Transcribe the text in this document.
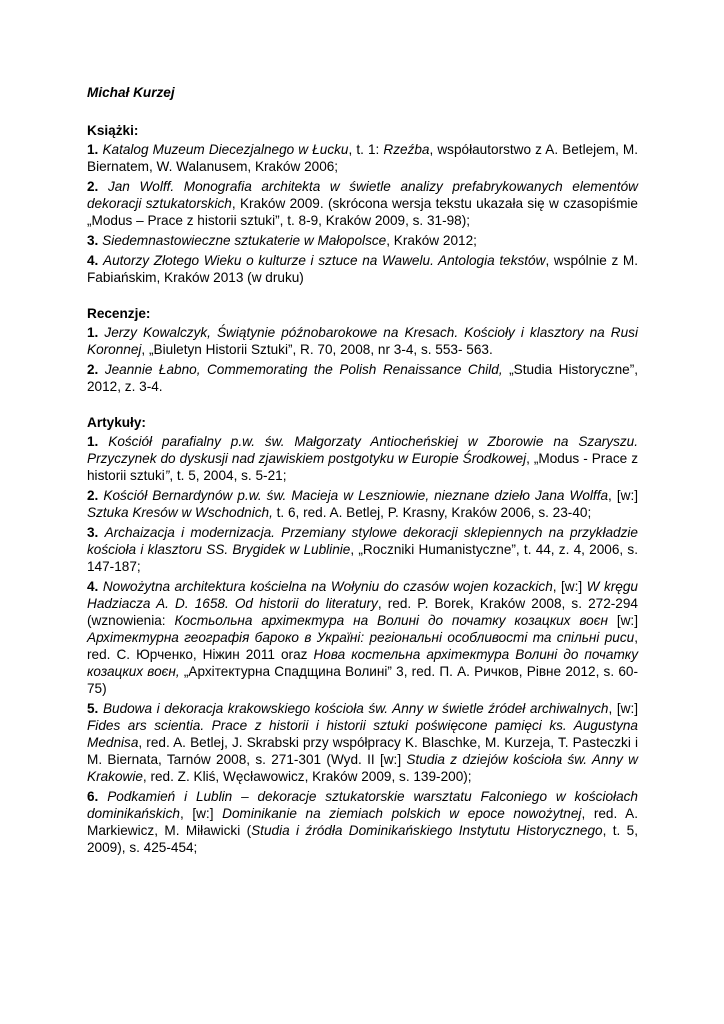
Michał Kurzej

Książki:

1. Katalog Muzeum Diecezjalnego w Łucku, t. 1: Rzeźba, współautorstwo z A. Betlejem, M. Biernatem, W. Walanusem, Kraków 2006;

2. Jan Wolff. Monografia architekta w świetle analizy prefabrykowanych elementów dekoracji sztukatorskich, Kraków 2009. (skrócona wersja tekstu ukazała się w czasopiśmie „Modus – Prace z historii sztuki”, t. 8-9, Kraków 2009, s. 31-98);

3. Siedemnastowieczne sztukaterie w Małopolsce, Kraków 2012;

4. Autorzy Złotego Wieku o kulturze i sztuce na Wawelu. Antologia tekstów, wspólnie z M. Fabiańskim, Kraków 2013 (w druku)

Recenzje:

1. Jerzy Kowalczyk, Świątynie późnobarokowe na Kresach. Kościoły i klasztory na Rusi Koronnej, „Biuletyn Historii Sztuki”, R. 70, 2008, nr 3-4, s. 553- 563.

2. Jeannie Łabno, Commemorating the Polish Renaissance Child, „Studia Historyczne”, 2012, z. 3-4.

Artykuły:

1. Kościół parafialny p.w. św. Małgorzaty Antiocheńskiej w Zborowie na Szaryszu. Przyczynek do dyskusji nad zjawiskiem postgotyku w Europie Środkowej, „Modus - Prace z historii sztuki”, t. 5, 2004, s. 5-21;

2. Kościół Bernardynów p.w. św. Macieja w Leszniowie, nieznane dzieło Jana Wolffa, [w:] Sztuka Kresów w Wschodnich, t. 6, red. A. Betlej, P. Krasny, Kraków 2006, s. 23-40;

3. Archaizacja i modernizacja. Przemiany stylowe dekoracji sklepiennych na przykładzie kościoła i klasztoru SS. Brygidek w Lublinie, „Roczniki Humanistyczne”, t. 44, z. 4, 2006, s. 147-187;

4. Nowożytna architektura kościelna na Wołyniu do czasów wojen kozackich, [w:] W kręgu Hadziacza A. D. 1658. Od historii do literatury, red. P. Borek, Kraków 2008, s. 272-294 (wznowienia: Костьольна архітектура на Волині до початку козацких воєн [w:] Архітектурна географія бароко в Україні: регіональні особливості та спільні риси, red. С. Юрченко, Ніжин 2011 oraz Нова костельна архітектура Волині до початку козацких воєн, „Архітектурна Спадщина Волині” 3, red. П. А. Ричков, Рівне 2012, s. 60-75)

5. Budowa i dekoracja krakowskiego kościoła św. Anny w świetle źródeł archiwalnych, [w:] Fides ars scientia. Prace z historii i historii sztuki poświęcone pamięci ks. Augustyna Mednisa, red. A. Betlej, J. Skrabski przy współpracy K. Blaschke, M. Kurzeja, T. Pasteczki i M. Biernata, Tarnów 2008, s. 271-301 (Wyd. II [w:] Studia z dziejów kościoła św. Anny w Krakowie, red. Z. Kliś, Węcławowicz, Kraków 2009, s. 139-200);

6. Podkamień i Lublin – dekoracje sztukatorskie warsztatu Falconiego w kościołach dominikańskich, [w:] Dominikanie na ziemiach polskich w epoce nowożytnej, red. A. Markiewicz, M. Miławicki (Studia i źródła Dominikańskiego Instytutu Historycznego, t. 5, 2009), s. 425-454;
